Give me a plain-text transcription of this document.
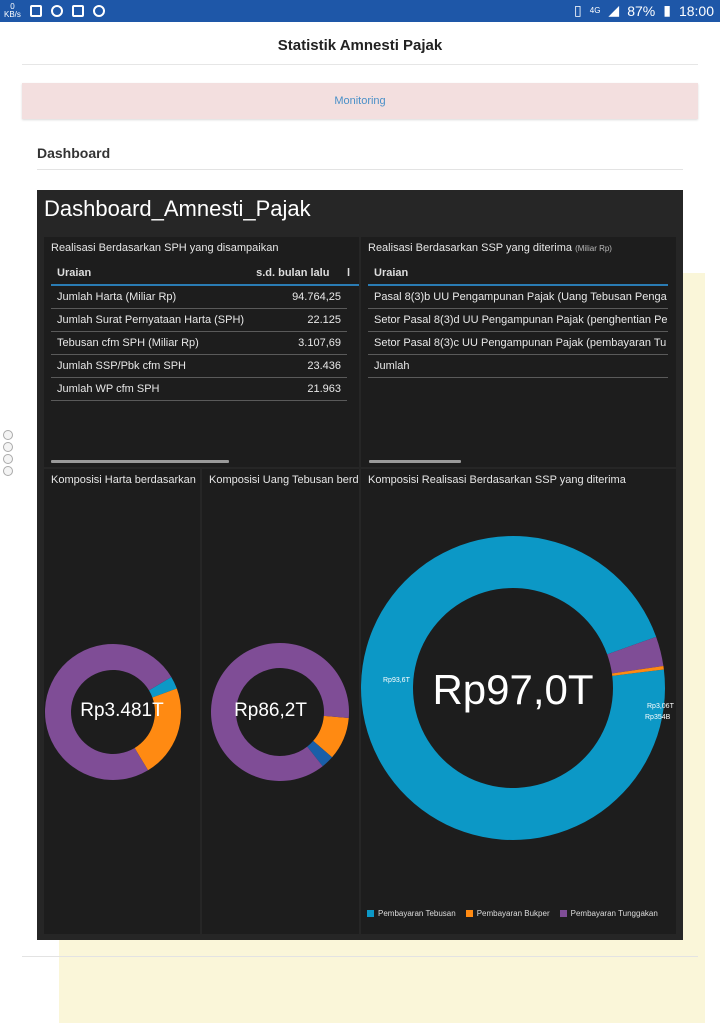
0
KB/s	▯ 4G ◢ 87% ▮ 18:00
Statistik Amnesti Pajak
Monitoring
Dashboard
Dashboard_Amnesti_Pajak
Realisasi Berdasarkan SPH yang disampaikan
Uraian	s.d. bulan lalu	l
Jumlah Harta (Miliar Rp)	94.764,25	
Jumlah Surat Pernyataan Harta (SPH)	22.125	
Tebusan cfm SPH (Miliar Rp)	3.107,69	
Jumlah SSP/Pbk cfm SPH	23.436	
Jumlah WP cfm SPH	21.963	
Realisasi Berdasarkan SSP yang diterima (Miliar Rp)
Uraian
Pasal 8(3)b UU Pengampunan Pajak (Uang Tebusan Penga
Setor Pasal 8(3)d UU Pengampunan Pajak (penghentian Pe
Setor Pasal 8(3)c UU Pengampunan Pajak (pembayaran Tu
Jumlah
Komposisi Harta berdasarkan
Rp3.481T
Komposisi Uang Tebusan berd
Rp86,2T
Komposisi Realisasi Berdasarkan SSP yang diterima
Rp97,0T
Rp93,6T
Rp3,06T
Rp354B
Pembayaran Tebusan	Pembayaran Bukper	Pembayaran Tunggakan
